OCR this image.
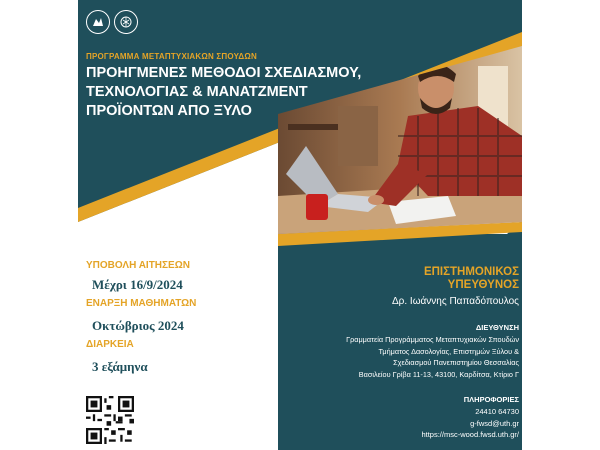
ΠΡΟΓΡΑΜΜΑ ΜΕΤΑΠΤΥΧΙΑΚΩΝ ΣΠΟΥΔΩΝ
ΠΡΟΗΓΜΕΝΕΣ ΜΕΘΟΔΟΙ ΣΧΕΔΙΑΣΜΟΥ,
ΤΕΧΝΟΛΟΓΙΑΣ & ΜΑΝΑΤΖΜΕΝΤ
ΠΡΟΪΟΝΤΩΝ ΑΠΟ ΞΥΛΟ
ΥΠΟΒΟΛΗ ΑΙΤΗΣΕΩΝ
Μέχρι 16/9/2024
ΕΝΑΡΞΗ ΜΑΘΗΜΑΤΩΝ
Οκτώβριος 2024
ΔΙΑΡΚΕΙΑ
3 εξάμηνα
ΕΠΙΣΤΗΜΟΝΙΚΟΣ
ΥΠΕΥΘΥΝΟΣ
Δρ. Ιωάννης Παπαδόπουλος
ΔΙΕΥΘΥΝΣΗ
Γραμματεία Προγράμματος Μεταπτυχιακών Σπουδών
Τμήματος Δασολογίας, Επιστημών Ξύλου &
Σχεδιασμού Πανεπιστημίου Θεσσαλίας
Βασιλείου Γρίβα 11-13, 43100, Καρδίτσα, Κτίριο Γ
ΠΛΗΡΟΦΟΡΙΕΣ
24410 64730
g-fwsd@uth.gr
https://msc-wood.fwsd.uth.gr/
